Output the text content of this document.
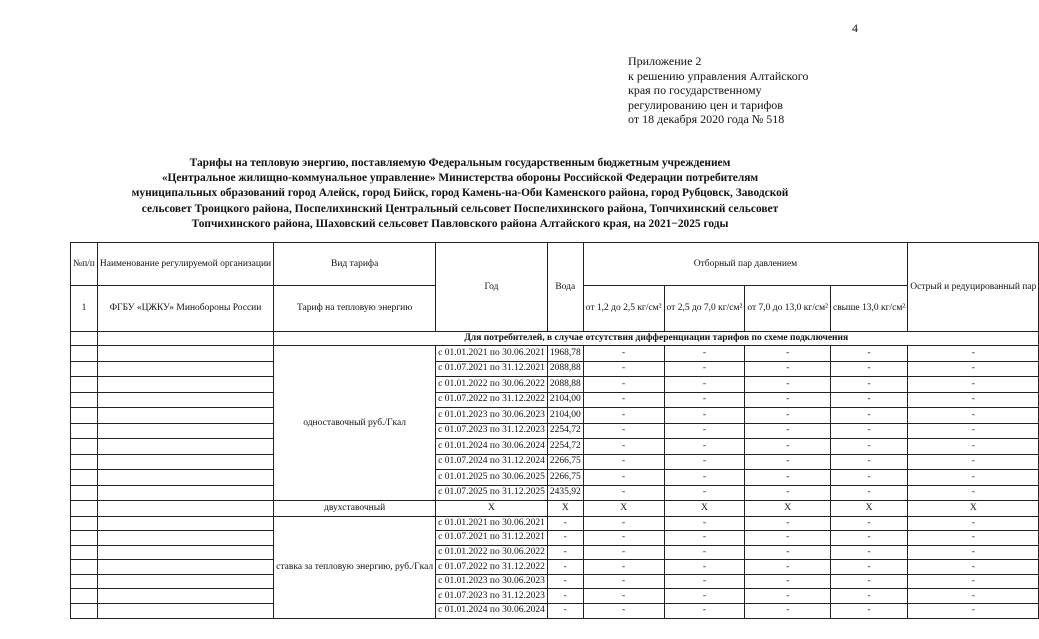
4
Приложение 2
к решению управления Алтайского
края по государственному
регулированию цен и тарифов
от 18 декабря 2020 года № 518
Тарифы на тепловую энергию, поставляемую Федеральным государственным бюджетным учреждением
«Центральное жилищно-коммунальное управление» Министерства обороны Российской Федерации потребителям
муниципальных образований город Алейск, город Бийск, город Камень-на-Оби Каменского района, город Рубцовск, Заводской
сельсовет Троицкого района, Поспелихинский Центральный сельсовет Поспелихинского района, Топчихинский сельсовет
Топчихинского района, Шаховский сельсовет Павловского района Алтайского края, на 2021−2025 годы
№п/п	Наименование регулируемой организации	Вид тарифа	Год	Вода	Отборный пар давлением				Острый и редуцированный пар
1	ФГБУ «ЦЖКУ» Минобороны России	Тариф на тепловую энергию			от 1,2 до 2,5 кг/см²	от 2,5 до 7,0 кг/см²	от 7,0 до 13,0 кг/см²	свыше 13,0 кг/см²	
		Для потребителей, в случае отсутствия дифференциации тарифов по схеме подключения							
		одноставочный руб./Гкал	с 01.01.2021 по 30.06.2021	1968,78	-	-	-	-	-
			с 01.07.2021 по 31.12.2021	2088,88	-	-	-	-	-
			с 01.01.2022 по 30.06.2022	2088,88	-	-	-	-	-
			с 01.07.2022 по 31.12.2022	2104,00	-	-	-	-	-
			с 01.01.2023 по 30.06.2023	2104,00	-	-	-	-	-
			с 01.07.2023 по 31.12.2023	2254,72	-	-	-	-	-
			с 01.01.2024 по 30.06.2024	2254,72	-	-	-	-	-
			с 01.07.2024 по 31.12.2024	2266,75	-	-	-	-	-
			с 01.01.2025 по 30.06.2025	2266,75	-	-	-	-	-
			с 01.07.2025 по 31.12.2025	2435,92	-	-	-	-	-
		двухставочный	X	X	X	X	X	X	X
		ставка за тепловую энергию, руб./Гкал	с 01.01.2021 по 30.06.2021	-	-	-	-	-	-
			с 01.07.2021 по 31.12.2021	-	-	-	-	-	-
			с 01.01.2022 по 30.06.2022	-	-	-	-	-	-
			с 01.07.2022 по 31.12.2022	-	-	-	-	-	-
			с 01.01.2023 по 30.06.2023	-	-	-	-	-	-
			с 01.07.2023 по 31.12.2023	-	-	-	-	-	-
			с 01.01.2024 по 30.06.2024	-	-	-	-	-	-
